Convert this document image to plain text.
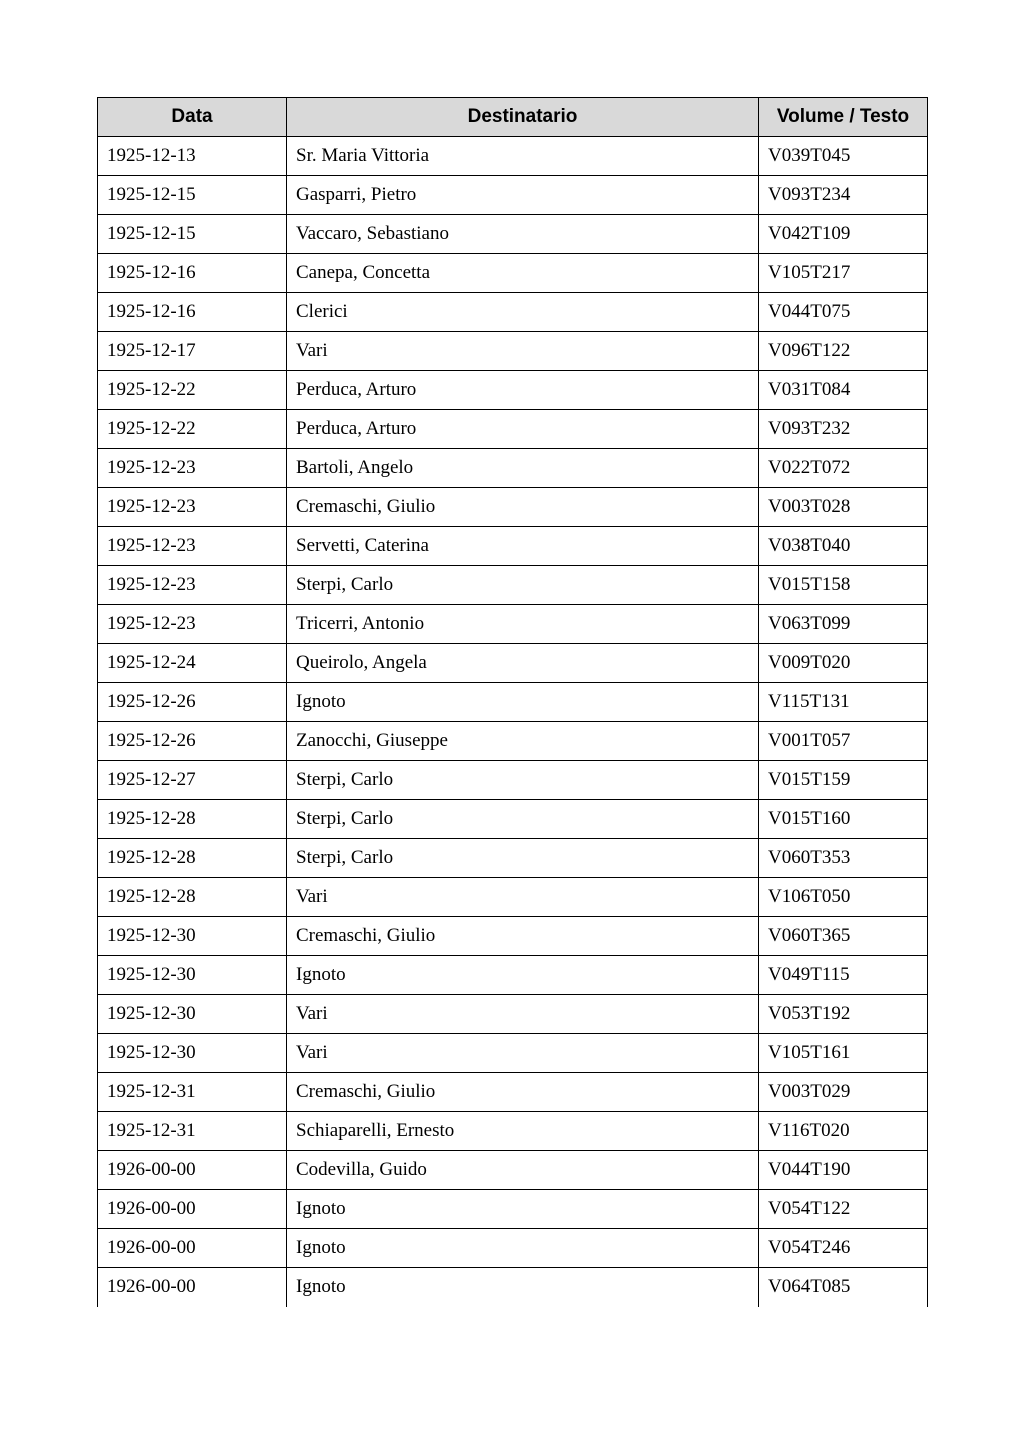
Data	Destinatario	Volume / Testo
1925-12-13	Sr. Maria Vittoria	V039T045
1925-12-15	Gasparri, Pietro	V093T234
1925-12-15	Vaccaro, Sebastiano	V042T109
1925-12-16	Canepa, Concetta	V105T217
1925-12-16	Clerici	V044T075
1925-12-17	Vari	V096T122
1925-12-22	Perduca, Arturo	V031T084
1925-12-22	Perduca, Arturo	V093T232
1925-12-23	Bartoli, Angelo	V022T072
1925-12-23	Cremaschi, Giulio	V003T028
1925-12-23	Servetti, Caterina	V038T040
1925-12-23	Sterpi, Carlo	V015T158
1925-12-23	Tricerri, Antonio	V063T099
1925-12-24	Queirolo, Angela	V009T020
1925-12-26	Ignoto	V115T131
1925-12-26	Zanocchi, Giuseppe	V001T057
1925-12-27	Sterpi, Carlo	V015T159
1925-12-28	Sterpi, Carlo	V015T160
1925-12-28	Sterpi, Carlo	V060T353
1925-12-28	Vari	V106T050
1925-12-30	Cremaschi, Giulio	V060T365
1925-12-30	Ignoto	V049T115
1925-12-30	Vari	V053T192
1925-12-30	Vari	V105T161
1925-12-31	Cremaschi, Giulio	V003T029
1925-12-31	Schiaparelli, Ernesto	V116T020
1926-00-00	Codevilla, Guido	V044T190
1926-00-00	Ignoto	V054T122
1926-00-00	Ignoto	V054T246
1926-00-00	Ignoto	V064T085
